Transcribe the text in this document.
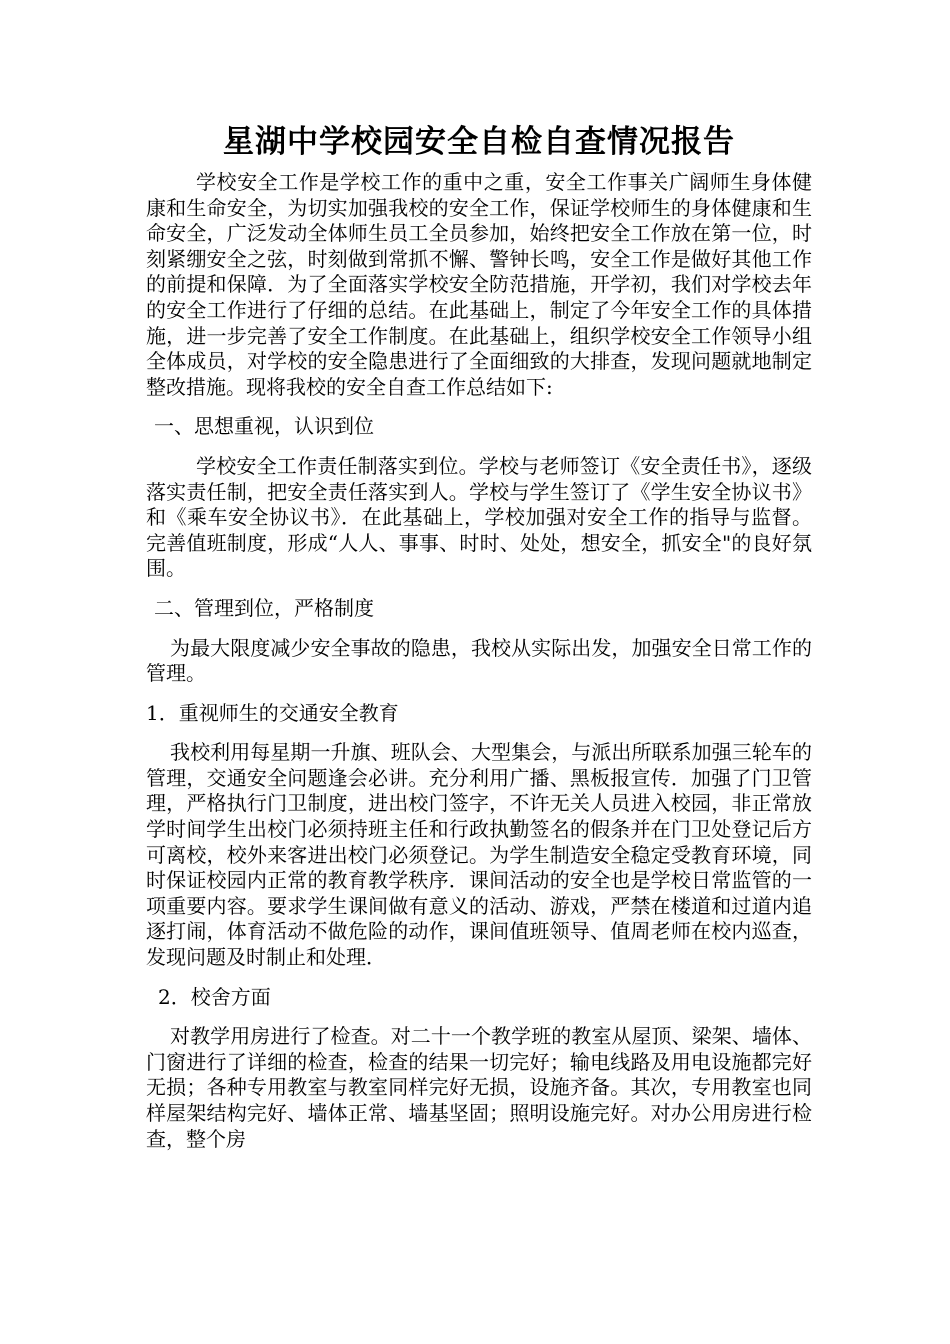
星湖中学校园安全自检自查情况报告

学校安全工作是学校工作的重中之重，安全工作事关广阔师生身体健康和生命安全，为切实加强我校的安全工作，保证学校师生的身体健康和生命安全，广泛发动全体师生员工全员参加，始终把安全工作放在第一位，时刻紧绷安全之弦，时刻做到常抓不懈、警钟长鸣，安全工作是做好其他工作的前提和保障．为了全面落实学校安全防范措施，开学初，我们对学校去年的安全工作进行了仔细的总结。在此基础上，制定了今年安全工作的具体措施，进一步完善了安全工作制度。在此基础上，组织学校安全工作领导小组全体成员，对学校的安全隐患进行了全面细致的大排查，发现问题就地制定整改措施。现将我校的安全自查工作总结如下:

一、思想重视，认识到位

学校安全工作责任制落实到位。学校与老师签订《安全责任书》，逐级落实责任制，把安全责任落实到人。学校与学生签订了《学生安全协议书》和《乘车安全协议书》．在此基础上，学校加强对安全工作的指导与监督。完善值班制度，形成“人人、事事、时时、处处，想安全，抓安全"的良好氛围。

二、管理到位，严格制度

为最大限度减少安全事故的隐患，我校从实际出发，加强安全日常工作的管理。

1．重视师生的交通安全教育

我校利用每星期一升旗、班队会、大型集会，与派出所联系加强三轮车的管理，交通安全问题逢会必讲。充分利用广播、黑板报宣传．加强了门卫管理，严格执行门卫制度，进出校门签字，不许无关人员进入校园，非正常放学时间学生出校门必须持班主任和行政执勤签名的假条并在门卫处登记后方可离校，校外来客进出校门必须登记。为学生制造安全稳定受教育环境，同时保证校园内正常的教育教学秩序．课间活动的安全也是学校日常监管的一项重要内容。要求学生课间做有意义的活动、游戏，严禁在楼道和过道内追逐打闹，体育活动不做危险的动作，课间值班领导、值周老师在校内巡查，发现问题及时制止和处理．

2．校舍方面

对教学用房进行了检查。对二十一个教学班的教室从屋顶、梁架、墙体、门窗进行了详细的检查，检查的结果一切完好；输电线路及用电设施都完好无损；各种专用教室与教室同样完好无损，设施齐备。其次，专用教室也同样屋架结构完好、墙体正常、墙基坚固；照明设施完好。对办公用房进行检查，整个房
